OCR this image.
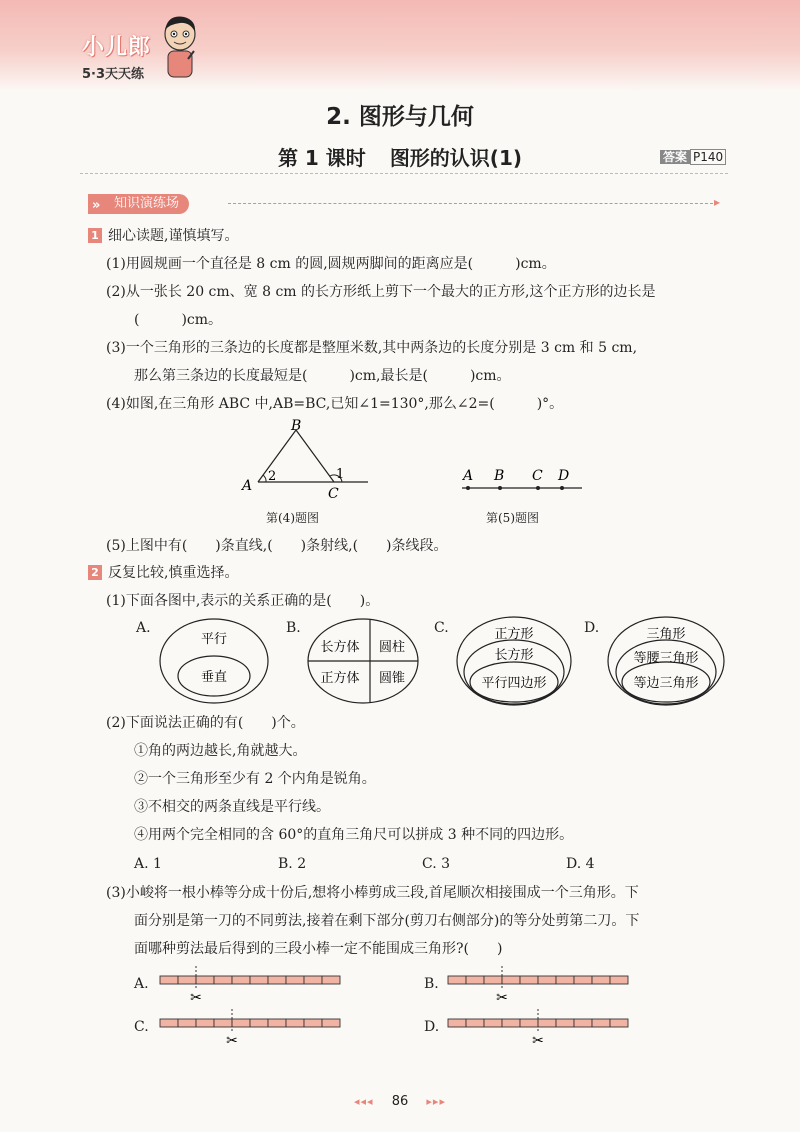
小儿郎
5·3天天练
2. 图形与几何
第 1 课时 图形的认识(1)	答案 P140
» 知识演练场	▸
1 细心读题,谨慎填写。
(1)用圆规画一个直径是 8 cm 的圆,圆规两脚间的距离应是(　　　)cm。
(2)从一张长 20 cm、宽 8 cm 的长方形纸上剪下一个最大的正方形,这个正方形的边长是
(　　　)cm。
(3)一个三角形的三条边的长度都是整厘米数,其中两条边的长度分别是 3 cm 和 5 cm,
那么第三条边的长度最短是(　　　)cm,最长是(　　　)cm。
(4)如图,在三角形 ABC 中,AB=BC,已知∠1=130°,那么∠2=(　　　)°。
B
A	C
2	1
第(4)题图
A B C D
第(5)题图
(5)上图中有(　　)条直线,(　　)条射线,(　　)条线段。
2 反复比较,慎重选择。
(1)下面各图中,表示的关系正确的是(　　)。
A.
平行
垂直
B.
长方体 圆柱
正方体 圆锥
C.	正方形
长方形
平行四边形
D.	三角形
等腰三角形
等边三角形
(2)下面说法正确的有(　　)个。
①角的两边越长,角就越大。
②一个三角形至少有 2 个内角是锐角。
③不相交的两条直线是平行线。
④用两个完全相同的含 60°的直角三角尺可以拼成 3 种不同的四边形。
A. 1	B. 2	C. 3	D. 4
(3)小峻将一根小棒等分成十份后,想将小棒剪成三段,首尾顺次相接围成一个三角形。下
面分别是第一刀的不同剪法,接着在剩下部分(剪刀右侧部分)的等分处剪第二刀。下
面哪种剪法最后得到的三段小棒一定不能围成三角形?(　　)
A.
✂
B.
✂
C.
✂
D.
✂
◂◂◂ 86 ▸▸▸
